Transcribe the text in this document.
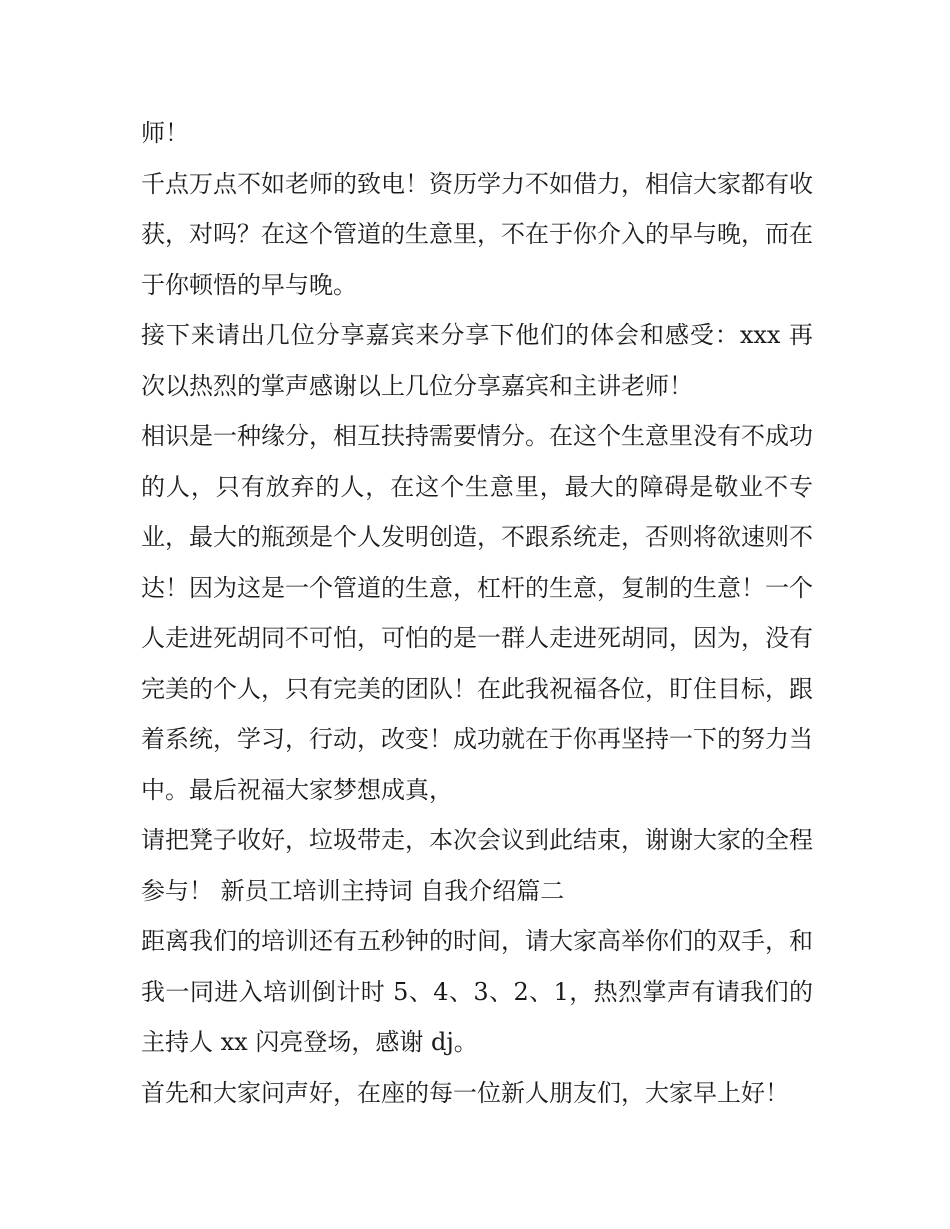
师！

千点万点不如老师的致电！资历学力不如借力，相信大家都有收获，对吗？在这个管道的生意里，不在于你介入的早与晚，而在于你顿悟的早与晚。

接下来请出几位分享嘉宾来分享下他们的体会和感受：xxx 再次以热烈的掌声感谢以上几位分享嘉宾和主讲老师！

相识是一种缘分，相互扶持需要情分。在这个生意里没有不成功的人，只有放弃的人，在这个生意里，最大的障碍是敬业不专业，最大的瓶颈是个人发明创造，不跟系统走，否则将欲速则不达！因为这是一个管道的生意，杠杆的生意，复制的生意！一个人走进死胡同不可怕，可怕的是一群人走进死胡同，因为，没有完美的个人，只有完美的团队！在此我祝福各位，盯住目标，跟着系统，学习，行动，改变！成功就在于你再坚持一下的努力当中。最后祝福大家梦想成真，

请把凳子收好，垃圾带走，本次会议到此结束，谢谢大家的全程参与！ 新员工培训主持词 自我介绍篇二

距离我们的培训还有五秒钟的时间，请大家高举你们的双手，和我一同进入培训倒计时 5、4、3、2、1，热烈掌声有请我们的主持人 xx 闪亮登场，感谢 dj。

首先和大家问声好，在座的每一位新人朋友们，大家早上好！
